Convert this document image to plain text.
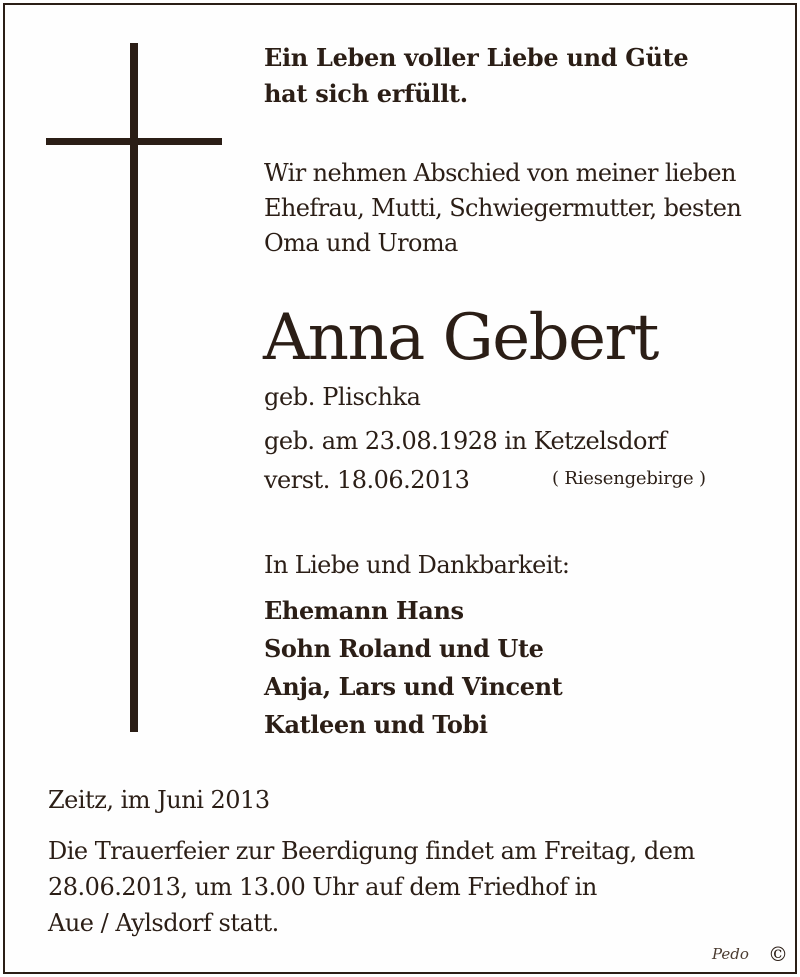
Ein Leben voller Liebe und Güte
hat sich erfüllt.
Wir nehmen Abschied von meiner lieben
Ehefrau, Mutti, Schwiegermutter, besten
Oma und Uroma
Anna Gebert
geb. Plischka
geb. am 23.08.1928 in Ketzelsdorf
verst. 18.06.2013	( Riesengebirge )
In Liebe und Dankbarkeit:
Ehemann Hans
Sohn Roland und Ute
Anja, Lars und Vincent
Katleen und Tobi
Zeitz, im Juni 2013
Die Trauerfeier zur Beerdigung findet am Freitag, dem
28.06.2013, um 13.00 Uhr auf dem Friedhof in
Aue / Aylsdorf statt.
Pedo ©
